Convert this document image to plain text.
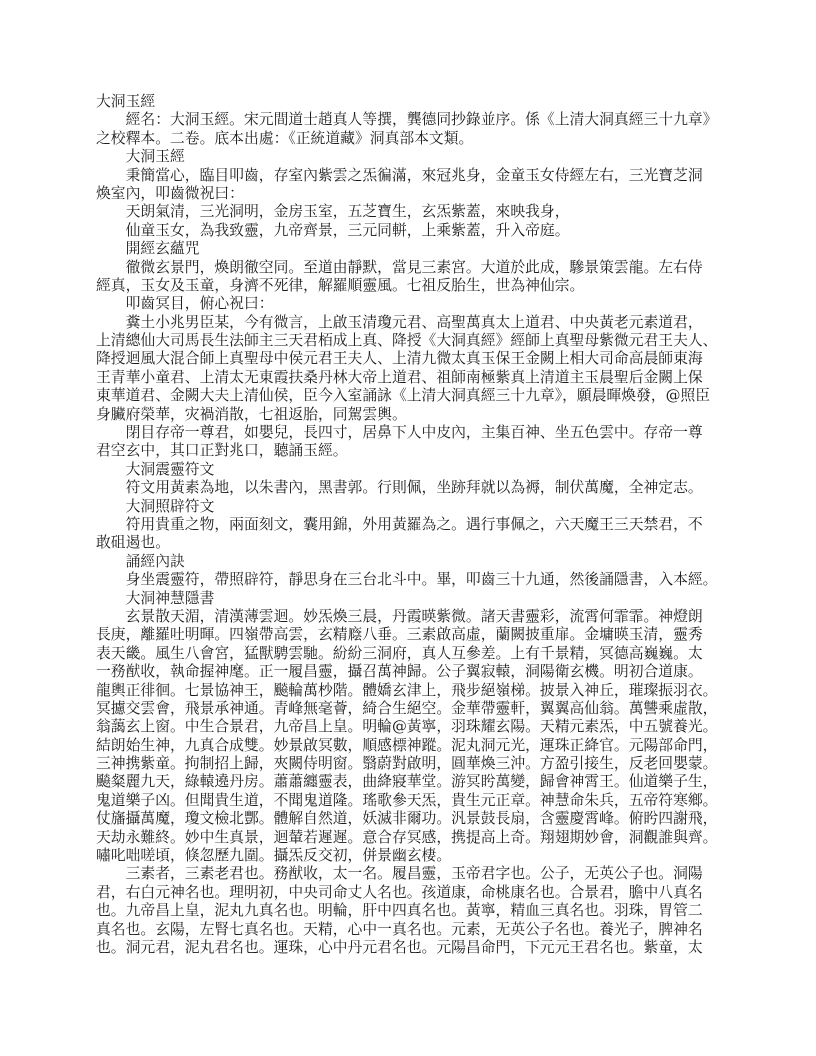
大洞玉經
　　經名：大洞玉經。宋元間道士趙真人等撰，龔德同抄錄並序。係《上清大洞真經三十九章》
之校釋本。二卷。底本出處：《正統道藏》洞真部本文類。
　　大洞玉經
　　秉簡當心，臨目叩齒，存室內紫雲之炁徧滿，來冠兆身，金童玉女侍經左右，三光寶芝洞
煥室內，叩齒微祝曰：
　　天朗氣清，三光洞明，金房玉室，五芝寶生，玄炁紫蓋，來映我身，
　　仙童玉女，為我致靈，九帝齊景，三元同軿，上乘紫蓋，升入帝庭。
　　開經玄蘊咒
　　徹微玄景門，煥朗徹空同。至道由靜默，當見三素宮。大道於此成，驂景策雲龍。左右侍
經真，玉女及玉童，身濟不死律，解羅順靈風。七祖反胎生，世為神仙宗。
　　叩齒冥目，俯心祝曰：
　　糞土小兆男臣某，今有微言，上啟玉清瓊元君、高聖萬真太上道君、中央黃老元素道君，
上清總仙大司馬長生法師主三天君栢成上真、降授《大洞真經》經師上真聖母紫微元君王夫人、
降授迴風大混合師上真聖母中侯元君王夫人、上清九微太真玉保王金闕上相大司命高晨師東海
王青華小童君、上清太无東霞扶桑丹林大帝上道君、祖師南極紫真上清道主玉晨聖后金闕上保
東華道君、金闕大夫上清仙侯，臣今入室誦詠《上清大洞真經三十九章》，願晨暉煥發，@照臣
身臟府榮華，灾禍消散，七祖返胎，同駕雲輿。
　　閉目存帝一尊君，如嬰兒，長四寸，居鼻下人中皮內，主集百神、坐五色雲中。存帝一尊
君空玄中，其口正對兆口，聽誦玉經。
　　大洞震靈符文
　　符文用黃素為地，以朱書內，黑書郭。行則佩，坐跡拜就以為褥，制伏萬魔，全神定志。
　　大洞照辟符文
　　符用貴重之物，兩面刻文，囊用錦，外用黃羅為之。遇行事佩之，六天魔王三天禁君，不
敢砠遏也。
　　誦經內訣
　　身坐震靈符，帶照辟符，靜思身在三台北斗中。畢，叩齒三十九通，然後誦隱書，入本經。
　　大洞神慧隱書
　　玄景散天湄，清漢薄雲迴。妙炁煥三晨，丹霞暎紫微。諸天書靈彩，流霄何霏霏。神燈朗
長庚，離羅吐明暉。四嶺帶高雲，玄精廕八垂。三素啟高虛，蘭闕披重扉。金墉暎玉清，靈秀
表天畿。風生八會宮，猛獸騁雲馳。紛紛三洞府，真人互參差。上有千景精，冥德高巍巍。太
一務猷收，執命握神麾。正一履昌靈，攝召萬神歸。公子翼寂轅，洞陽衛玄機。明初合道康。
龍輿正徘徊。七景協神王，飈輪萬杪階。體嬌玄津上，飛步絕嶺梯。披景入神丘，璀璨振羽衣。
冥攄交雲會，飛景承神通。青峰無毫薈，綺合生絕空。金華帶靈軒，翼翼高仙翁。萬讐乘虛散，
翁藹玄上窗。中生合景君，九帝昌上皇。明輪@黃寧，羽珠耀玄陽。天精元素炁，中五號養光。
結朗始生神，九真合成雙。妙景啟冥數，順感標神蹤。泥丸洞元光，運珠正絳官。元陽部命門，
三神携紫童。拘制招上歸，夾闕侍明窗。翳蔚對啟明，圓華煥三沖。方盈引接生，反老回嬰蒙。
飈粲麗九天，綠轅遶丹房。蕭蕭纏靈表，曲絳寢華堂。游冥盻萬變，歸會神霄王。仙道樂子生，
鬼道樂子凶。但聞貴生道，不聞鬼道隆。瑤歌參天炁，貴生元正章。神慧命朱兵，五帝符寒鄉。
仗旛攝萬魔，瓊文檢北酆。體解自然道，妖滅非爾功。汎景鼓長扇，含靈慶霄峰。俯盻四謝飛，
天劫永難終。妙中生真景，迴輦若遲遲。意合存冥感，携提高上奇。翔翅期妙會，洞觀誰與齊。
嘯叱咄嗟頃，倏忽歷九圍。攝炁反交初，併景幽玄棲。
　　三素者，三素老君也。務猷收，太一名。履昌靈，玉帝君字也。公子，无英公子也。洞陽
君，右白元神名也。理明初，中央司命丈人名也。孩道康，命桃康名也。合景君，膽中八真名
也。九帝昌上皇，泥丸九真名也。明輪，肝中四真名也。黃寧，精血三真名也。羽珠，胃管二
真名也。玄陽，左腎七真名也。天精，心中一真名也。元素，无英公子名也。養光子，脾神名
也。洞元君，泥丸君名也。運珠，心中丹元君名也。元陽昌命門，下元元王君名也。紫童，太
